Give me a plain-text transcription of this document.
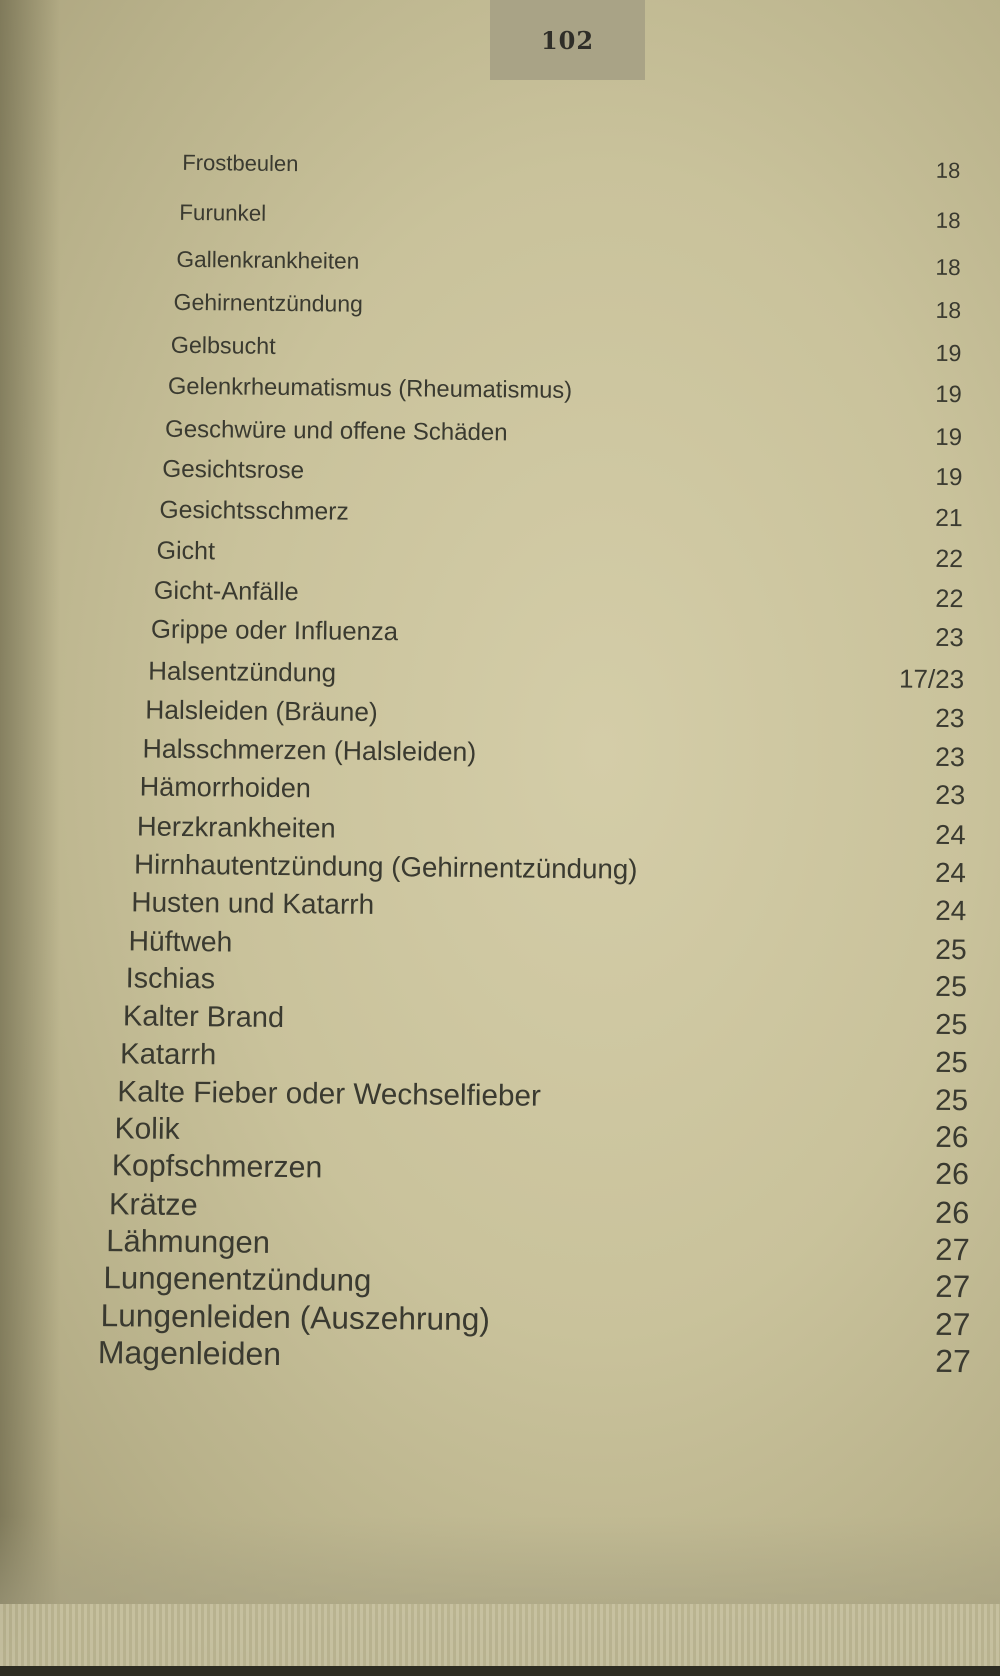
102
Frostbeulen	18
Furunkel	18
Gallenkrankheiten	18
Gehirnentzündung	18
Gelbsucht	19
Gelenkrheumatismus (Rheumatismus)	19
Geschwüre und offene Schäden	19
Gesichtsrose	19
Gesichtsschmerz	21
Gicht	22
Gicht-Anfälle	22
Grippe oder Influenza	23
Halsentzündung	17/23
Halsleiden (Bräune)	23
Halsschmerzen (Halsleiden)	23
Hämorrhoiden	23
Herzkrankheiten	24
Hirnhautentzündung (Gehirnentzündung)	24
Husten und Katarrh	24
Hüftweh	25
Ischias	25
Kalter Brand	25
Katarrh	25
Kalte Fieber oder Wechselfieber	25
Kolik	26
Kopfschmerzen	26
Krätze	26
Lähmungen	27
Lungenentzündung	27
Lungenleiden (Auszehrung)	27
Magenleiden	27
